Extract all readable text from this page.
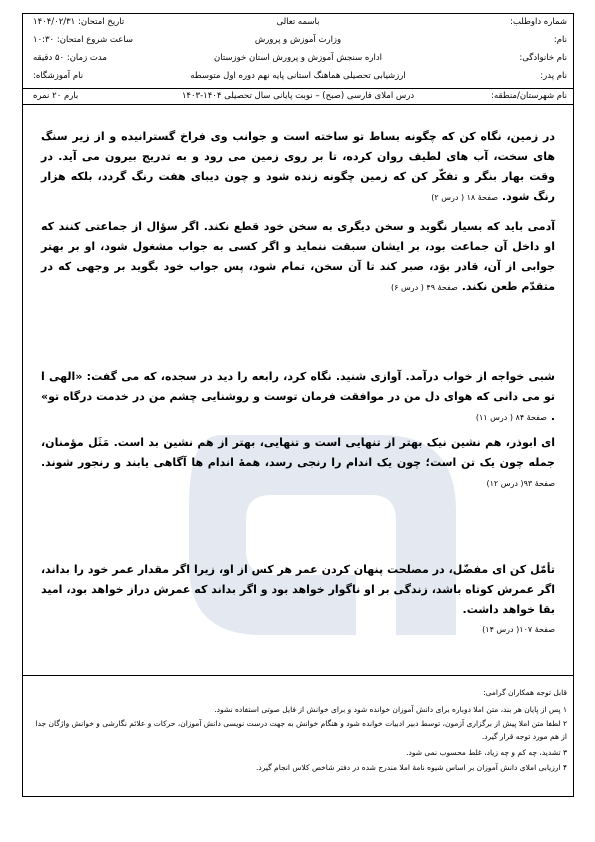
شماره داوطلب:
باسمه تعالی
تاریخ امتحان: ۱۴۰۴/۰۲/۳۱
نام:
وزارت آموزش و پرورش
ساعت شروع امتحان: ۱۰:۳۰
نام خانوادگی:
اداره سنجش آموزش و پرورش استان خوزستان
مدت زمان: ۵۰ دقیقه
نام پدر:
ارزشیابی تحصیلی هماهنگ استانی پایه نهم دوره اول متوسطه
نام آموزشگاه:
نام شهرستان/منطقه:
درس املای فارسی (صبح) – نوبت پایانی سال تحصیلی ۱۴۰۴-۱۴۰۳
بارم ۲۰ نمره
در زمین، نگاه کن که چگونه بساط تو ساخته است و جوانب وی فراخ گسترانیده و از زیر سنگ های سخت، آب های لطیف روان کرده، تا بر روی زمین می رود و به تدریج بیرون می آید. در وقت بهار بنگر و تفکّر کن که زمین چگونه زنده شود و چون دیبای هفت رنگ گردد، بلکه هزار رنگ شود. صفحهٔ ۱۸ ( درس ۲)
آدمی باید که بسیار نگوید و سخن دیگری به سخن خود قطع نکند. اگر سؤال از جماعتی کنند که او داخل آن جماعت بود، بر ایشان سبقت ننماید و اگر کسی به جواب مشغول شود، او بر بهتر جوابی از آن، قادر بوَد، صبر کند تا آن سخن، تمام شود، پس جواب خود بگوید بر وجهی که در متقدّم طعن نکند. صفحهٔ ۴۹ ( درس ۶)
شبی خواجه از خواب درآمد. آوازی شنید. نگاه کرد، رابعه را دید در سجده، که می گفت: «الهی ا تو می دانی که هوای دل من در موافقت فرمان توست و روشنایی چشم من در خدمت درگاه تو» . صفحهٔ ۸۴ ( درس ۱۱)
ای ابوذر، هم نشین نیک بهتر از تنهایی است و تنهایی، بهتر از هم نشین بد است. مَثَل مؤمنان، جمله چون یک تن است؛ چون یک اندام را رنجی رسد، همهٔ اندام ها آگاهی یابند و رنجور شوند. صفحهٔ ۹۳( درس ۱۲)
تأمّل کن ای مفضّل، در مصلحت پنهان کردن عمر هر کس از او، زیرا اگر مقدار عمر خود را بداند، اگر عمرش کوتاه باشد، زندگی بر او ناگوار خواهد بود و اگر بداند که عمرش دراز خواهد بود، امید بقا خواهد داشت.
صفحهٔ ۱۰۷( درس ۱۴)
قابل توجه همکاران گرامی:
۱ پس از پایان هر بند، متن املا دوباره برای دانش آموزان خوانده شود و برای خوانش از فایل صوتی استفاده نشود.
۲ لطفا متن املا پیش از برگزاری آزمون، توسط دبیر ادبیات خوانده شود و هنگام خوانش به جهت درست نویسی دانش آموزان، حرکات و علائم نگارشی و خوانش واژگان جدا از هم مورد توجه قرار گیرد.
۳ تشدید، چه کم و چه زیاد، غلط محسوب نمی شود.
۴ ارزیابی املای دانش آموزان بر اساس شیوه نامهٔ املا مندرج شده در دفتر شاخص کلاس انجام گیرد.
